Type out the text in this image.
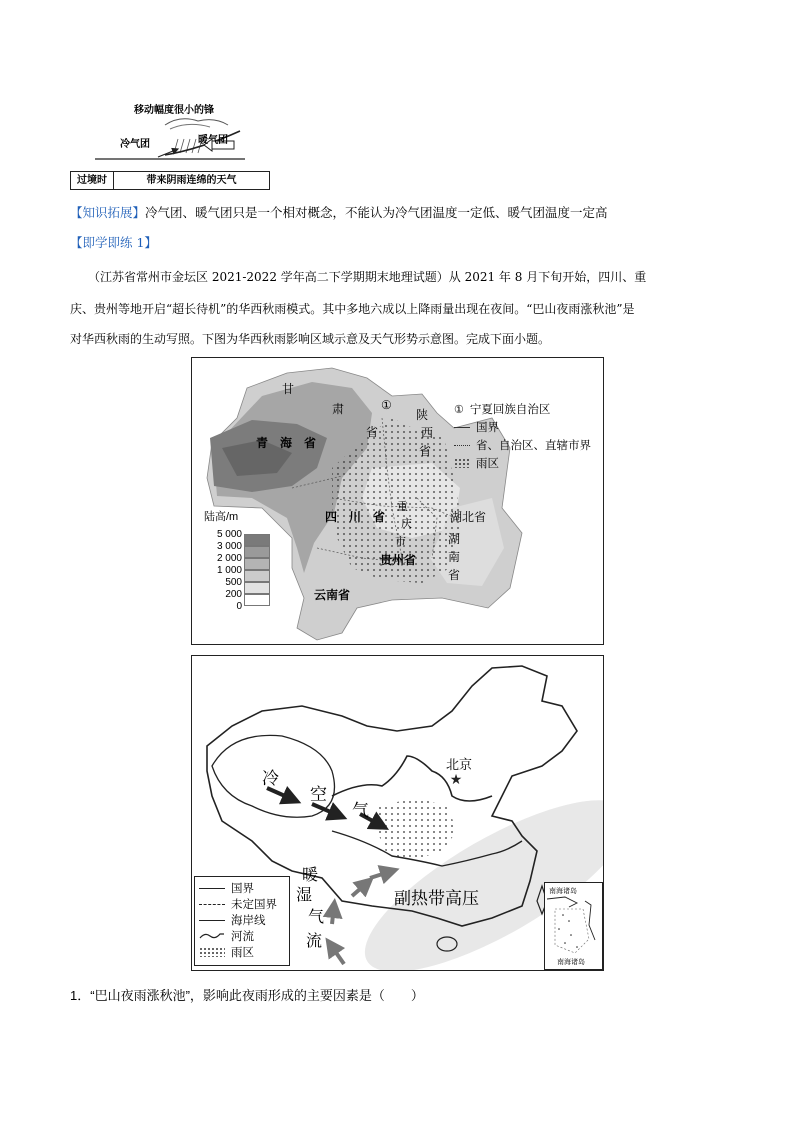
移动幅度很小的锋
冷气团	暖气团
过境时	带来阴雨连绵的天气
【知识拓展】冷气团、暖气团只是一个相对概念，不能认为冷气团温度一定低、暖气团温度一定高
【即学即练 1】
（江苏省常州市金坛区 2021-2022 学年高二下学期期末地理试题）从 2021 年 8 月下旬开始，四川、重
庆、贵州等地开启“超长待机”的华西秋雨模式。其中多地六成以上降雨量出现在夜间。“巴山夜雨涨秋池”是
对华西秋雨的生动写照。下图为华西秋雨影响区域示意及天气形势示意图。完成下面小题。
甘
肃
省
青　海　省
①
陕
西
省
四　川　省
重
庆
市
湖北省
湖
南
省
贵州省
云南省
① 宁夏回族自治区
国界
省、自治区、直辖市界
雨区
陆高/m
5 000
3 000
2 000
1 000
500
200
0
★
北京
冷
空
气
暖
湿
气
流
副热带高压
国界
未定国界
海岸线
河流
雨区
南海诸岛
南海诸岛
1．“巴山夜雨涨秋池”，影响此夜雨形成的主要因素是（　　）
